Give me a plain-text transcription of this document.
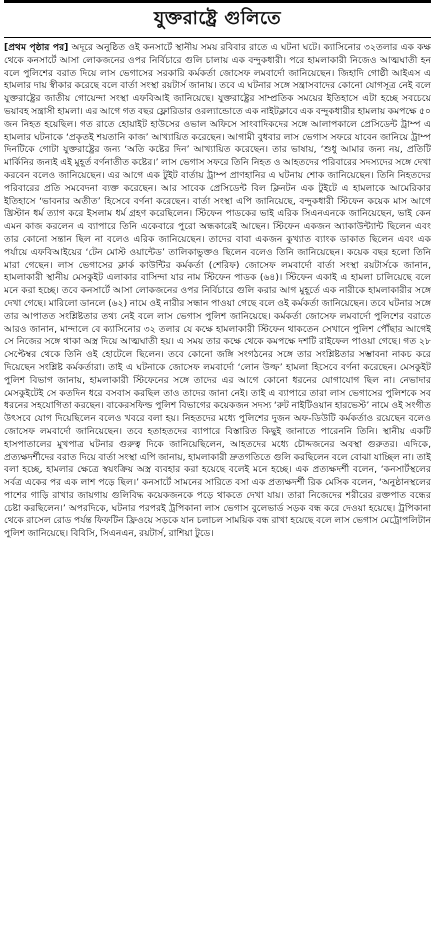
যুক্তরাষ্ট্রে গুলিতে

[প্রথম পৃষ্ঠার পর] অদূরে অনুষ্ঠিত ওই কনসার্টে স্থানীয় সময় রবিবার রাতে এ ঘটনা ঘটে। ক্যাসিনোর ৩২তলার এক কক্ষ থেকে কনসার্টে আসা লোকজনের ওপর নির্বিচারে গুলি চালায় এক বন্দুকধারী। পরে হামলাকারী নিজেও আত্মঘাতী হন বলে পুলিশের বরাত দিয়ে লাস ভেগাসের সরকারি কর্মকর্তা জোসেফ লমবার্দো জানিয়েছেন। জিহাদি গোষ্ঠী আইএস এ হামলার দায় স্বীকার করেছে বলে বার্তা সংস্থা রয়টার্স জানায়। তবে এ ঘটনার সঙ্গে সন্ত্রাসবাদের কোনো যোগসূত্র নেই বলে যুক্তরাষ্ট্রের জাতীয় গোয়েন্দা সংস্থা এফবিআই জানিয়েছে। যুক্তরাষ্ট্রের সাম্প্রতিক সময়ের ইতিহাসে এটা হচ্ছে সবচেয়ে ভয়াবহ সন্ত্রাসী হামলা। এর আগে গত বছর ফ্লোরিডার ওরল্যান্ডোতে এক নাইটক্লাবে এক বন্দুকধারীর হামলায় কমপক্ষে ৫০ জন নিহত হয়েছিল। গত রাতে হোয়াইট হাউসের ওভাল অফিসে সাংবাদিকদের সঙ্গে আলাপকালে প্রেসিডেন্ট ট্রাম্প এ হামলার ঘটনাকে ‘প্রকৃতই শয়তানি কাজ’ আখ্যায়িত করেছেন। আগামী বুধবার লাস ভেগাস সফরে যাবেন জানিয়ে ট্রাম্প দিনটিকে গোটা যুক্তরাষ্ট্রের জন্য ‘অতি কষ্টের দিন’ আখ্যায়িত করেছেন। তার ভাষায়, ‘শুধু আমার জন্য নয়, প্রতিটি মার্কিনির জন্যই এই মুহূর্ত বর্ণনাতীত কষ্টের।’ লাস ভেগাস সফরে তিনি নিহত ও আহতদের পরিবারের সদস্যদের সঙ্গে দেখা করবেন বলেও জানিয়েছেন। এর আগে এক টুইট বার্তায় ট্রাম্প প্রাণহানির এ ঘটনায় শোক জানিয়েছেন। তিনি নিহতদের পরিবারের প্রতি সমবেদনা ব্যক্ত করেছেন। আর সাবেক প্রেসিডেন্ট বিল ক্লিনটন এক টুইটে এ হামলাকে আমেরিকার ইতিহাসে ‘ভাবনার অতীত’ হিসেবে বর্ণনা করেছেন। বার্তা সংস্থা এপি জানিয়েছে, বন্দুকধারী স্টিফেন কয়েক মাস আগে খ্রিস্টান ধর্ম ত্যাগ করে ইসলাম ধর্ম গ্রহণ করেছিলেন। স্টিফেন পাডকের ভাই এরিক সিএনএনকে জানিয়েছেন, ভাই কেন এমন কাজ করলেন এ ব্যাপারে তিনি একেবারে পুরো অন্ধকারেই আছেন। স্টিফেন একজন অ্যাকাউন্ট্যান্ট ছিলেন এবং তার কোনো সন্তান ছিল না বলেও এরিক জানিয়েছেন। তাদের বাবা একজন কুখ্যাত ব্যাংক ডাকাত ছিলেন এবং এক পর্যায়ে এফবিআইয়ের ‘টেন মোস্ট ওয়ান্টেড’ তালিকাভুক্তও ছিলেন বলেও তিনি জানিয়েছেন। কয়েক বছর হলো তিনি মারা গেছেন। লাস ভেগাসের ক্লার্ক কাউন্টির কর্মকর্তা (শেরিফ) জোসেফ লমবার্দো বার্তা সংস্থা রয়টার্সকে জানান, হামলাকারী স্থানীয় মেসকুইট এলাকার বাসিন্দা যার নাম স্টিফেন পাডক (৬৪)। স্টিফেন একাই এ হামলা চালিয়েছে বলে মনে করা হচ্ছে। তবে কনসার্টে আসা লোকজনের ওপর নির্বিচারে গুলি করার আগ মুহূর্তে এক নারীকে হামলাকারীর সঙ্গে দেখা গেছে। মারিলো ডানলে (৬২) নামে ওই নারীর সন্ধান পাওয়া গেছে বলে ওই কর্মকর্তা জানিয়েছেন। তবে ঘটনার সঙ্গে তার আপাতত সংশ্লিষ্টতার তথ্য নেই বলে লাস ভেগাস পুলিশ জানিয়েছে। কর্মকর্তা জোসেফ লমবার্দো পুলিশের বরাতে আরও জানান, মান্দালে বে ক্যাসিনোর ৩২ তলার যে কক্ষে হামলাকারী স্টিফেন থাকতেন সেখানে পুলিশ পৌঁছার আগেই সে নিজের সঙ্গে থাকা অস্ত্র দিয়ে আত্মঘাতী হয়। এ সময় তার কক্ষে থেকে কমপক্ষে দশটি রাইফেল পাওয়া গেছে। গত ২৮ সেপ্টেম্বর থেকে তিনি ওই হোটেলে ছিলেন। তবে কোনো জঙ্গি সংগঠনের সঙ্গে তার সংশ্লিষ্টতার সম্ভাবনা নাকচ করে দিয়েছেন সংশ্লিষ্ট কর্মকর্তারা। তাই এ ঘটনাকে জোসেফ লমবার্দো ‘লোন উল্ফ’ হামলা হিসেবে বর্ণনা করেছেন। মেসকুইট পুলিশ বিভাগ জানায়, হামলাকারী স্টিফেনের সঙ্গে তাদের এর আগে কোনো ধরনের যোগাযোগ ছিল না। নেভাদার মেসকুইটেই সে কতদিন ধরে বসবাস করছিল তাও তাদের জানা নেই। তাই এ ব্যাপারে তারা লাস ভেগাসের পুলিশকে সব ধরনের সহযোগিতা করছেন। বাকেরসফিল্ড পুলিশ বিভাগের কয়েকজন সদস্য ‘রুট নাইটিওয়ান হারভেস্ট’ নামে ওই সংগীত উৎসবে যোগ দিয়েছিলেন বলেও খবরে বলা হয়। নিহতদের মধ্যে পুলিশের দুজন অফ-ডিউটি কর্মকর্তাও রয়েছেন বলেও জোসেফ লমবার্দো জানিয়েছেন। তবে হতাহতদের ব্যাপারে বিস্তারিত কিছুই জানাতে পারেননি তিনি। স্থানীয় একটি হাসপাতালের মুখপাত্র ঘটনার গুরুত্ব দিকে জানিয়েছিলেন, আহতদের মধ্যে চৌদ্দজনের অবস্থা গুরুতর। এদিকে, প্রত্যক্ষদর্শীদের বরাত দিয়ে বার্তা সংস্থা এপি জানায়, হামলাকারী দ্রুতগতিতে গুলি করছিলেন বলে বোঝা যাচ্ছিল না। তাই বলা হচ্ছে, হামলার ক্ষেত্রে স্বয়ংক্রিয় অস্ত্র ব্যবহার করা হয়েছে বলেই মনে হচ্ছে। এক প্রত্যক্ষদর্শী বলেন, ‘কনসার্টস্থলের সর্বত্র একের পর এক লাশ পড়ে ছিল।’ কনসার্টে সামনের সারিতে বসা এক প্রত্যক্ষদর্শী রিক মেসিক বলেন, ‘অনুষ্ঠানস্থলের পাশের গাড়ি রাখার জায়গায় গুলিবিদ্ধ কয়েকজনকে পড়ে থাকতে দেখা যায়। তারা নিজেদের শরীরের রক্তপাত বন্ধের চেষ্টা করছিলেন।’ অপরদিকে, ঘটনার পরপরই ট্রপিকানা লাস ভেগাস বুলেভার্ড সড়ক বন্ধ করে দেওয়া হয়েছে। ট্রপিকানা থেকে রাসেল রোড পর্যন্ত ফিফটিন ফ্রিওয়ে সড়কে যান চলাচল সাময়িক বন্ধ রাখা হয়েছে বলে লাস ভেগাস মেট্রোপলিটান পুলিশ জানিয়েছে। বিবিসি, সিএনএন, রয়টার্স, রাশিয়া টুডে।
